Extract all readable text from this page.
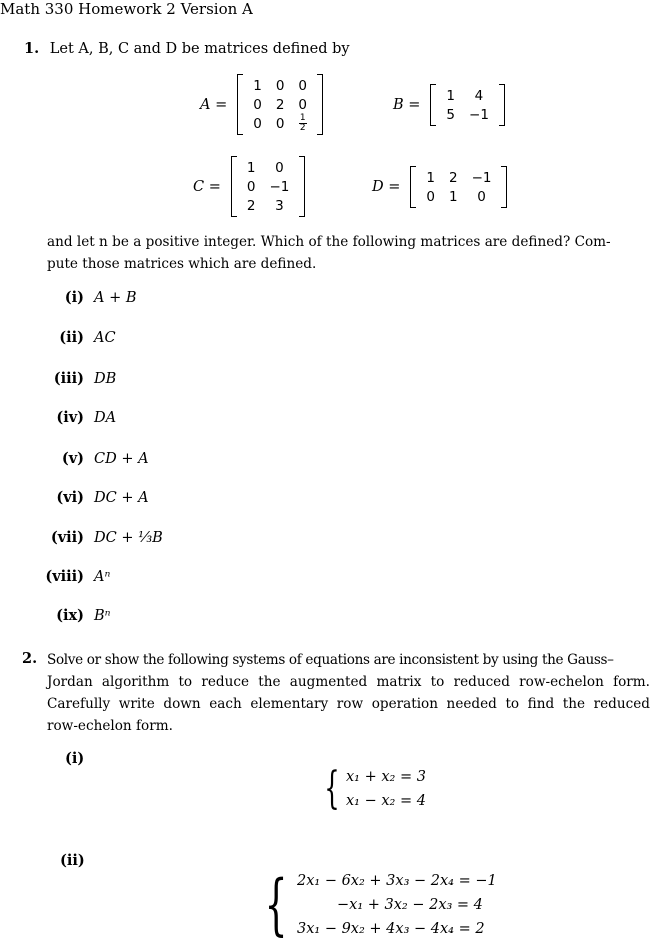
Math 330 Homework 2 Version A
1. Let A, B, C and D be matrices defined by
A =
1	0	0
0	2	0
0	0	$\frac{1}{2}$
B =
1	4
5	−1
C =
1	0
0	−1
2	3
D =
1	2	−1
0	1	0
and let n be a positive integer. Which of the following matrices are defined? Com-
pute those matrices which are defined.
(i) A + B
(ii) AC
(iii) DB
(iv) DA
(v) CD + A
(vi) DC + A
(vii) DC + ⅓B
(viii) Aⁿ
(ix) Bⁿ
2. Solve or show the following systems of equations are inconsistent by using the Gauss–
Jordan algorithm to reduce the augmented matrix to reduced row-echelon form.
Carefully write down each elementary row operation needed to find the reduced
row-echelon form.
(i)
{ x₁ + x₂ = 3
x₁ − x₂ = 4
(ii)
{ 2x₁ − 6x₂ + 3x₃ − 2x₄ = −1
−x₁ + 3x₂ − 2x₃ = 4
3x₁ − 9x₂ + 4x₃ − 4x₄ = 2
